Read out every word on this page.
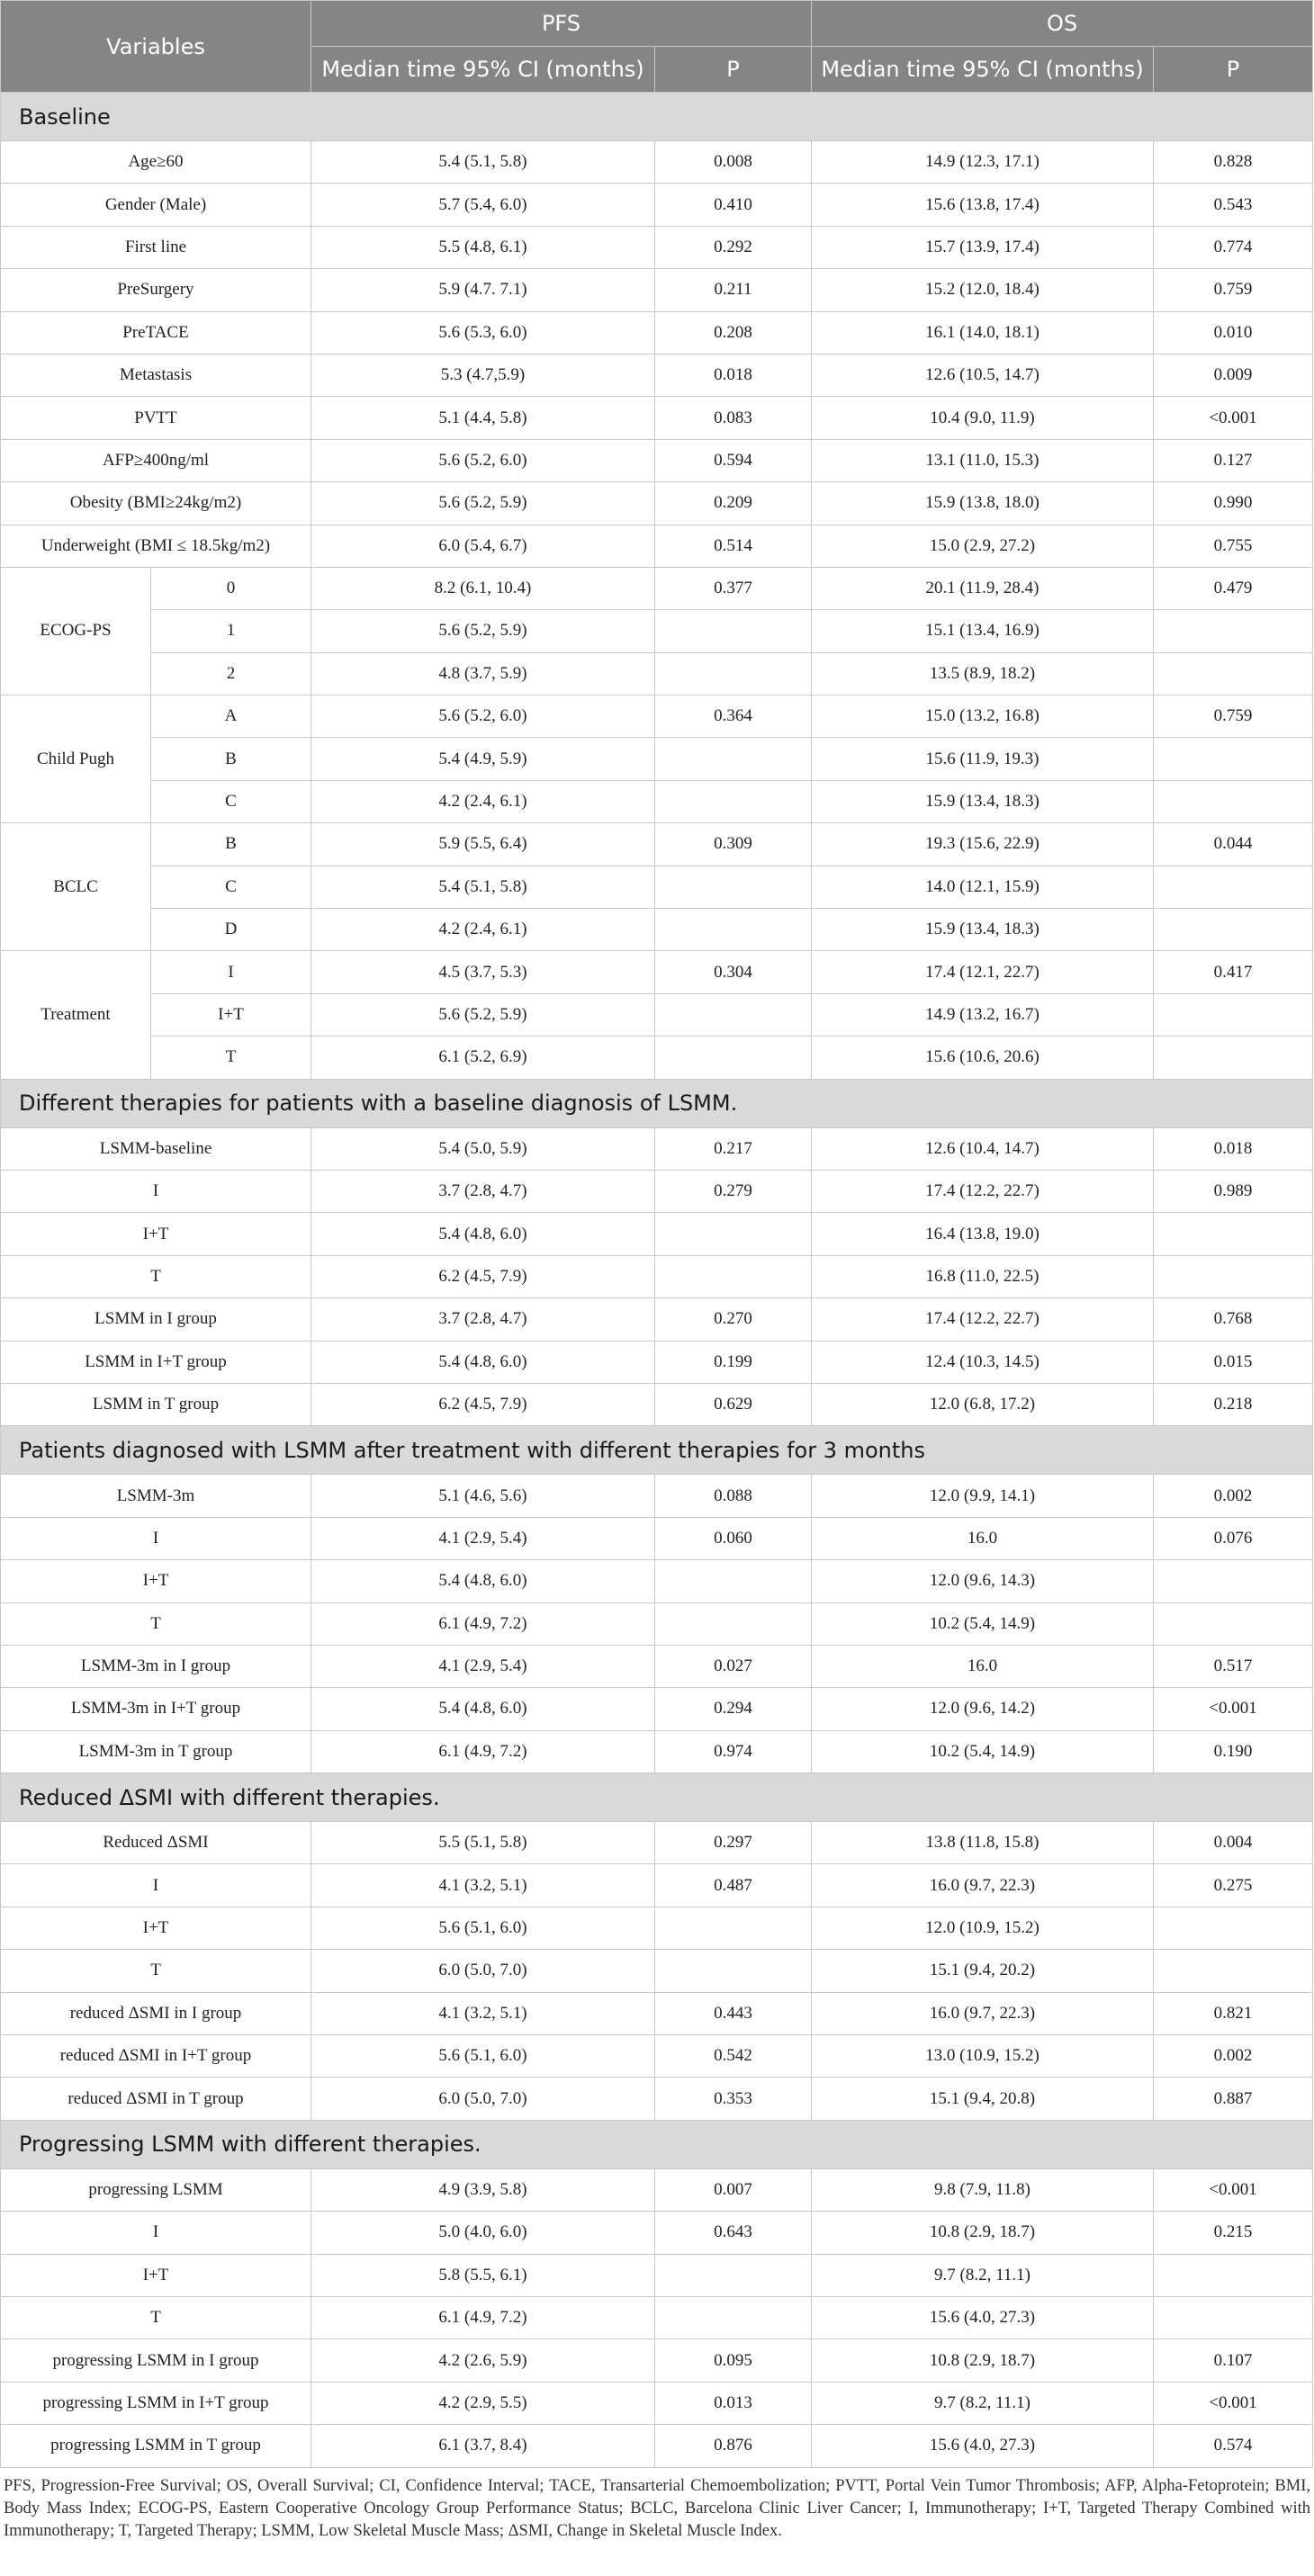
Variables		PFS		OS	
		Median time 95% CI (months)	P	Median time 95% CI (months)	P
Baseline					
Age≥60		5.4 (5.1, 5.8)	0.008	14.9 (12.3, 17.1)	0.828
Gender (Male)		5.7 (5.4, 6.0)	0.410	15.6 (13.8, 17.4)	0.543
First line		5.5 (4.8, 6.1)	0.292	15.7 (13.9, 17.4)	0.774
PreSurgery		5.9 (4.7. 7.1)	0.211	15.2 (12.0, 18.4)	0.759
PreTACE		5.6 (5.3, 6.0)	0.208	16.1 (14.0, 18.1)	0.010
Metastasis		5.3 (4.7,5.9)	0.018	12.6 (10.5, 14.7)	0.009
PVTT		5.1 (4.4, 5.8)	0.083	10.4 (9.0, 11.9)	<0.001
AFP≥400ng/ml		5.6 (5.2, 6.0)	0.594	13.1 (11.0, 15.3)	0.127
Obesity (BMI≥24kg/m2)		5.6 (5.2, 5.9)	0.209	15.9 (13.8, 18.0)	0.990
Underweight (BMI ≤ 18.5kg/m2)		6.0 (5.4, 6.7)	0.514	15.0 (2.9, 27.2)	0.755
ECOG-PS	0	8.2 (6.1, 10.4)	0.377	20.1 (11.9, 28.4)	0.479
	1	5.6 (5.2, 5.9)		15.1 (13.4, 16.9)	
	2	4.8 (3.7, 5.9)		13.5 (8.9, 18.2)	
Child Pugh	A	5.6 (5.2, 6.0)	0.364	15.0 (13.2, 16.8)	0.759
	B	5.4 (4.9, 5.9)		15.6 (11.9, 19.3)	
	C	4.2 (2.4, 6.1)		15.9 (13.4, 18.3)	
BCLC	B	5.9 (5.5, 6.4)	0.309	19.3 (15.6, 22.9)	0.044
	C	5.4 (5.1, 5.8)		14.0 (12.1, 15.9)	
	D	4.2 (2.4, 6.1)		15.9 (13.4, 18.3)	
Treatment	I	4.5 (3.7, 5.3)	0.304	17.4 (12.1, 22.7)	0.417
	I+T	5.6 (5.2, 5.9)		14.9 (13.2, 16.7)	
	T	6.1 (5.2, 6.9)		15.6 (10.6, 20.6)	
Different therapies for patients with a baseline diagnosis of LSMM.					
LSMM-baseline		5.4 (5.0, 5.9)	0.217	12.6 (10.4, 14.7)	0.018
I		3.7 (2.8, 4.7)	0.279	17.4 (12.2, 22.7)	0.989
I+T		5.4 (4.8, 6.0)		16.4 (13.8, 19.0)	
T		6.2 (4.5, 7.9)		16.8 (11.0, 22.5)	
LSMM in I group		3.7 (2.8, 4.7)	0.270	17.4 (12.2, 22.7)	0.768
LSMM in I+T group		5.4 (4.8, 6.0)	0.199	12.4 (10.3, 14.5)	0.015
LSMM in T group		6.2 (4.5, 7.9)	0.629	12.0 (6.8, 17.2)	0.218
Patients diagnosed with LSMM after treatment with different therapies for 3 months					
LSMM-3m		5.1 (4.6, 5.6)	0.088	12.0 (9.9, 14.1)	0.002
I		4.1 (2.9, 5.4)	0.060	16.0	0.076
I+T		5.4 (4.8, 6.0)		12.0 (9.6, 14.3)	
T		6.1 (4.9, 7.2)		10.2 (5.4, 14.9)	
LSMM-3m in I group		4.1 (2.9, 5.4)	0.027	16.0	0.517
LSMM-3m in I+T group		5.4 (4.8, 6.0)	0.294	12.0 (9.6, 14.2)	<0.001
LSMM-3m in T group		6.1 (4.9, 7.2)	0.974	10.2 (5.4, 14.9)	0.190
Reduced ΔSMI with different therapies.					
Reduced ΔSMI		5.5 (5.1, 5.8)	0.297	13.8 (11.8, 15.8)	0.004
I		4.1 (3.2, 5.1)	0.487	16.0 (9.7, 22.3)	0.275
I+T		5.6 (5.1, 6.0)		12.0 (10.9, 15.2)	
T		6.0 (5.0, 7.0)		15.1 (9.4, 20.2)	
reduced ΔSMI in I group		4.1 (3.2, 5.1)	0.443	16.0 (9.7, 22.3)	0.821
reduced ΔSMI in I+T group		5.6 (5.1, 6.0)	0.542	13.0 (10.9, 15.2)	0.002
reduced ΔSMI in T group		6.0 (5.0, 7.0)	0.353	15.1 (9.4, 20.8)	0.887
Progressing LSMM with different therapies.					
progressing LSMM		4.9 (3.9, 5.8)	0.007	9.8 (7.9, 11.8)	<0.001
I		5.0 (4.0, 6.0)	0.643	10.8 (2.9, 18.7)	0.215
I+T		5.8 (5.5, 6.1)		9.7 (8.2, 11.1)	
T		6.1 (4.9, 7.2)		15.6 (4.0, 27.3)	
progressing LSMM in I group		4.2 (2.6, 5.9)	0.095	10.8 (2.9, 18.7)	0.107
progressing LSMM in I+T group		4.2 (2.9, 5.5)	0.013	9.7 (8.2, 11.1)	<0.001
progressing LSMM in T group		6.1 (3.7, 8.4)	0.876	15.6 (4.0, 27.3)	0.574
PFS, Progression-Free Survival; OS, Overall Survival; CI, Confidence Interval; TACE, Transarterial Chemoembolization; PVTT, Portal Vein Tumor Thrombosis; AFP, Alpha-Fetoprotein; BMI, Body Mass Index; ECOG-PS, Eastern Cooperative Oncology Group Performance Status; BCLC, Barcelona Clinic Liver Cancer; I, Immunotherapy; I+T, Targeted Therapy Combined with Immunotherapy; T, Targeted Therapy; LSMM, Low Skeletal Muscle Mass; ΔSMI, Change in Skeletal Muscle Index.
